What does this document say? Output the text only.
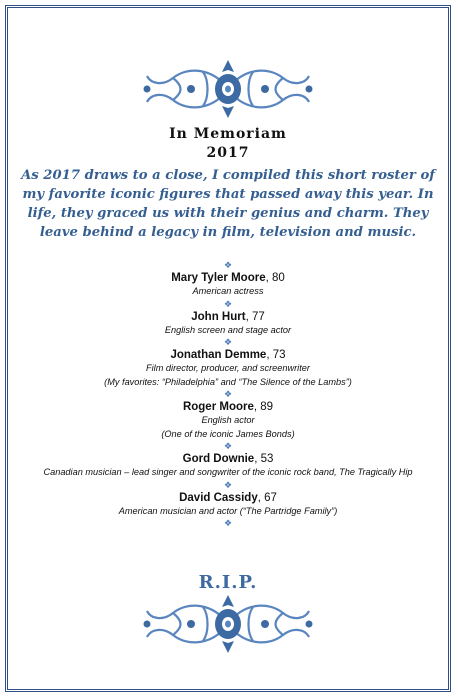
In Memoriam
2017
As 2017 draws to a close, I compiled this short roster of my favorite iconic figures that passed away this year. In life, they graced us with their genius and charm. They leave behind a legacy in film, television and music.
❖
Mary Tyler Moore, 80
American actress
❖
John Hurt, 77
English screen and stage actor
❖
Jonathan Demme, 73
Film director, producer, and screenwriter
(My favorites: “Philadelphia” and “The Silence of the Lambs”)
❖
Roger Moore, 89
English actor
(One of the iconic James Bonds)
❖
Gord Downie, 53
Canadian musician – lead singer and songwriter of the iconic rock band, The Tragically Hip
❖
David Cassidy, 67
American musician and actor (“The Partridge Family”)
❖
R.I.P.
